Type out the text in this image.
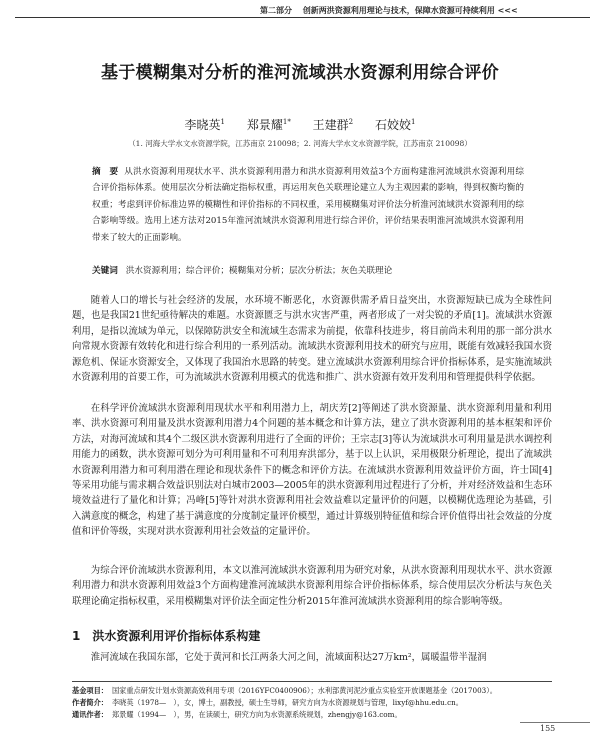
第二部分 创新两洪资源利用理论与技术，保障水资源可持续利用 <<<
基于模糊集对分析的淮河流域洪水资源利用综合评价
李晓英$^1$ 郑景耀$^{1*}$ 王建群$^2$ 石姣姣$^1$
（1. 河海大学水文水资源学院，江苏南京 210098；2. 河海大学水文水资源学院，江苏南京 210098）
摘　要 从洪水资源利用现状水平、洪水资源利用潜力和洪水资源利用效益3个方面构建淮河流域洪水资源利用综合评价指标体系。使用层次分析法确定指标权重，再运用灰色关联理论建立人为主观因素的影响，得到权衡均衡的权重；考虑到评价标准边界的模糊性和评价指标的不同权重，采用模糊集对评价法分析淮河流域洪水资源利用的综合影响等级。选用上述方法对2015年淮河流域洪水资源利用进行综合评价，评价结果表明淮河流域洪水资源利用带来了较大的正面影响。
关键词 洪水资源利用；综合评价；模糊集对分析；层次分析法；灰色关联理论
随着人口的增长与社会经济的发展，水环境不断恶化，水资源供需矛盾日益突出，水资源短缺已成为全球性问题，也是我国21世纪亟待解决的难题。水资源匮乏与洪水灾害严重，两者形成了一对尖锐的矛盾[1]。流域洪水资源利用，是指以流域为单元，以保障防洪安全和流域生态需求为前提，依靠科技进步，将目前尚未利用的那一部分洪水向常规水资源有效转化和进行综合利用的一系列活动。流域洪水资源利用技术的研究与应用，既能有效减轻我国水资源危机、保证水资源安全，又体现了我国治水思路的转变。建立流域洪水资源利用综合评价指标体系，是实施流域洪水资源利用的首要工作，可为流域洪水资源利用模式的优选和推广、洪水资源有效开发利用和管理提供科学依据。
在科学评价流域洪水资源利用现状水平和利用潜力上，胡庆芳[2]等阐述了洪水资源量、洪水资源利用量和利用率、洪水资源可利用量及洪水资源利用潜力4个问题的基本概念和计算方法，建立了洪水资源利用的基本框架和评价方法，对海河流域和其4个二级区洪水资源利用进行了全面的评价；王宗志[3]等认为流域洪水可利用量是洪水调控利用能力的函数，洪水资源可划分为可利用量和不可利用弃洪部分，基于以上认识，采用极限分析理论，提出了流域洪水资源利用潜力和可利用潜在理论和现状条件下的概念和评价方法。在流域洪水资源利用效益评价方面，许士国[4]等采用功能与需求耦合效益识别法对白城市2003—2005年的洪水资源利用过程进行了分析，并对经济效益和生态环境效益进行了量化和计算；冯峰[5]等针对洪水资源利用社会效益难以定量评价的问题，以模糊优选理论为基础，引入满意度的概念，构建了基于满意度的分度制定量评价模型，通过计算级别特征值和综合评价值得出社会效益的分度值和评价等级，实现对洪水资源利用社会效益的定量评价。
为综合评价流域洪水资源利用，本文以淮河流域洪水资源利用为研究对象，从洪水资源利用现状水平、洪水资源利用潜力和洪水资源利用效益3个方面构建淮河流域洪水资源利用综合评价指标体系，综合使用层次分析法与灰色关联理论确定指标权重，采用模糊集对评价法全面定性分析2015年淮河流域洪水资源利用的综合影响等级。
1 洪水资源利用评价指标体系构建
淮河流域在我国东部，它处于黄河和长江两条大河之间，流域面积达27万km²，属暖温带半湿润
基金项目： 国家重点研发计划水资源高效利用专项（2016YFC0400906）；水利部黄河泥沙重点实验室开放课题基金（2017003）。
作者简介： 李晓英（1978—　），女，博士，副教授，硕士生导师，研究方向为水资源规划与管理，lixyf@hhu.edu.cn。
通讯作者： 郑景耀（1994—　），男，在读硕士，研究方向为水资源系统规划，zhengjy@163.com。
155
